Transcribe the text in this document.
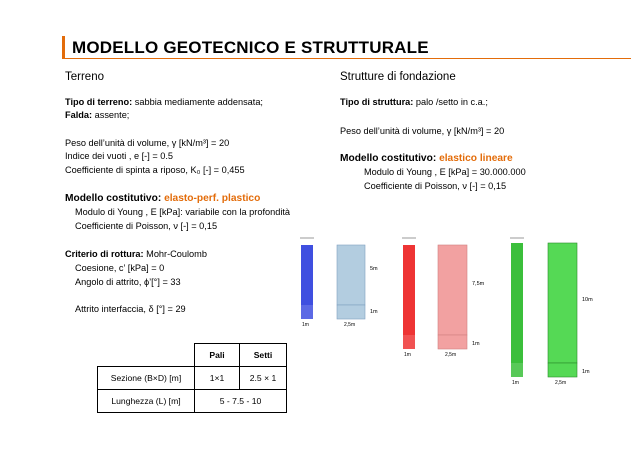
MODELLO GEOTECNICO E STRUTTURALE
Terreno
Tipo di terreno: sabbia mediamente addensata;
Falda: assente;
Peso dell’unità di volume, γ [kN/m³] = 20
Indice dei vuoti , e [-] = 0.5
Coefficiente di spinta a riposo, K₀ [-] = 0,455
Modello costitutivo: elasto-perf. plastico
Modulo di Young , E [kPa]: variabile con la profondità
Coefficiente di Poisson, ν [-] = 0,15
Criterio di rottura: Mohr-Coulomb
Coesione, c’ [kPa] = 0
Angolo di attrito, ϕ’[°] = 33
Attrito interfaccia, δ [°] = 29
Strutture di fondazione
Tipo di struttura: palo /setto in c.a.;
Peso dell’unità di volume, γ [kN/m³] = 20
Modello costitutivo: elastico lineare
Modulo di Young , E [kPa] = 30.000.000
Coefficiente di Poisson, ν [-] = 0,15
	Pali	Setti
Sezione (B×D) [m]	1×1	2.5 × 1
Lunghezza (L) [m]	5 - 7.5 - 10	
5m
1m
1m	2,5m
7,5m
1m
1m	2,5m
10m
1m
1m	2,5m
